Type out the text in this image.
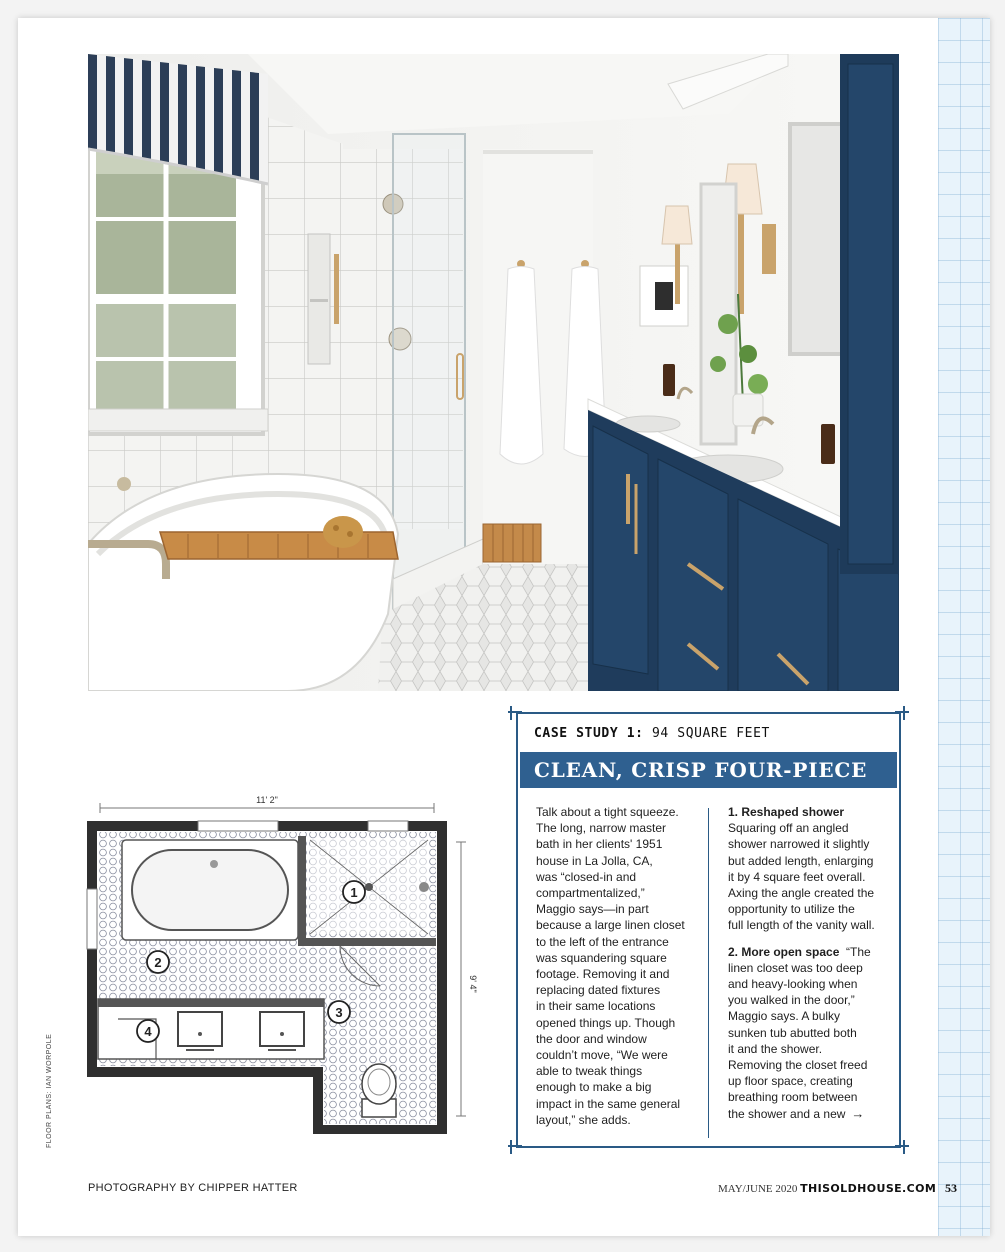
1
2
3
4
11' 2"
9' 4"
FLOOR PLANS: IAN WORPOLE
CASE STUDY 1: 94 SQUARE FEET
CLEAN, CRISP FOUR-PIECE

Talk about a tight squeeze.

The long, narrow master

bath in her clients' 1951

house in La Jolla, CA,

was “closed-in and

compartmentalized,”

Maggio says—in part

because a large linen closet

to the left of the entrance

was squandering square

footage. Removing it and

replacing dated fixtures

in their same locations

opened things up. Though

the door and window

couldn’t move, “We were

able to tweak things

enough to make a big

impact in the same general

layout,” she adds.

1. Reshaped shower

Squaring off an angled

shower narrowed it slightly

but added length, enlarging

it by 4 square feet overall.

Axing the angle created the

opportunity to utilize the

full length of the vanity wall.

2. More open space “The

linen closet was too deep

and heavy-looking when

you walked in the door,”

Maggio says. A bulky

sunken tub abutted both

it and the shower.

Removing the closet freed

up floor space, creating

breathing room between

the shower and a new →

PHOTOGRAPHY BY CHIPPER HATTER	MAY/JUNE 2020 THISOLDHOUSE.COM 53
